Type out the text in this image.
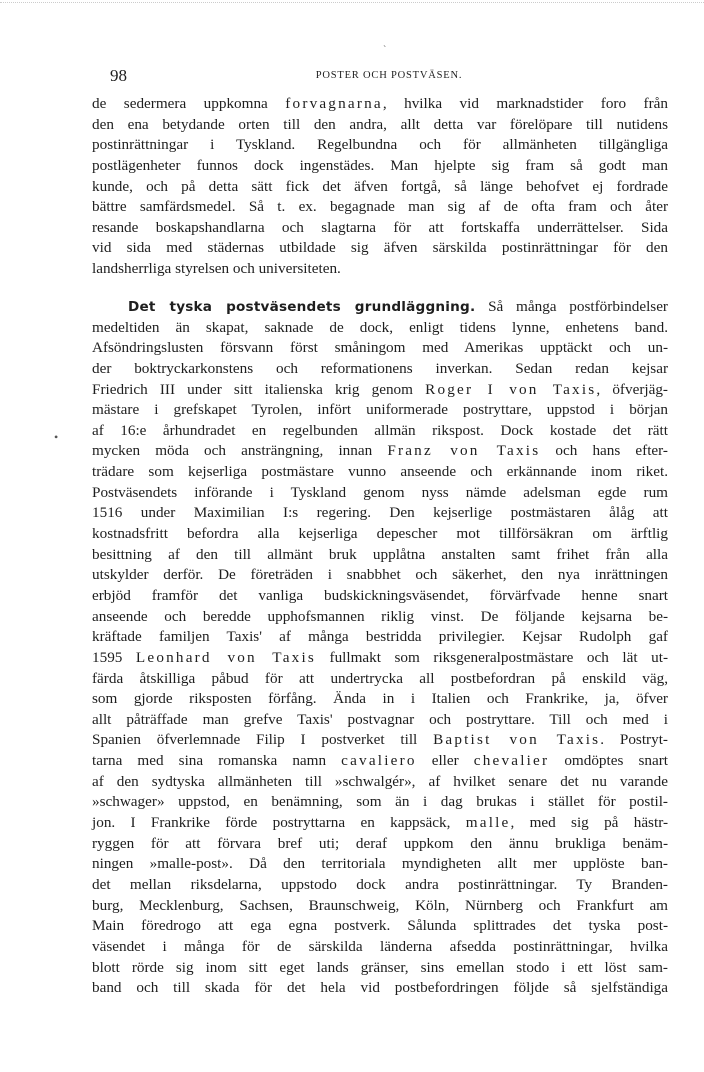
˴
•
98	POSTER OCH POSTVÄSEN.
de sedermera uppkomna forvagnarna, hvilka vid marknadstider foro från
den ena betydande orten till den andra, allt detta var förelöpare till nutidens
postinrättningar i Tyskland. Regelbundna och för allmänheten tillgängliga
postlägenheter funnos dock ingenstädes. Man hjelpte sig fram så godt man
kunde, och på detta sätt fick det äfven fortgå, så länge behofvet ej fordrade
bättre samfärdsmedel. Så t. ex. begagnade man sig af de ofta fram och åter
resande boskapshandlarna och slagtarna för att fortskaffa underrättelser. Sida
vid sida med städernas utbildade sig äfven särskilda postinrättningar för den
landsherrliga styrelsen och universiteten.
Det tyska postväsendets grundläggning. Så många postförbindelser
medeltiden än skapat, saknade de dock, enligt tidens lynne, enhetens band.
Afsöndringslusten försvann först småningom med Amerikas upptäckt och un-
der boktryckarkonstens och reformationens inverkan. Sedan redan kejsar
Friedrich III under sitt italienska krig genom Roger I von Taxis, öfverjäg-
mästare i grefskapet Tyrolen, infört uniformerade postryttare, uppstod i början
af 16:e århundradet en regelbunden allmän rikspost. Dock kostade det rätt
mycken möda och ansträngning, innan Franz von Taxis och hans efter-
trädare som kejserliga postmästare vunno anseende och erkännande inom riket.
Postväsendets införande i Tyskland genom nyss nämde adelsman egde rum
1516 under Maximilian I:s regering. Den kejserlige postmästaren ålåg att
kostnadsfritt befordra alla kejserliga depescher mot tillförsäkran om ärftlig
besittning af den till allmänt bruk upplåtna anstalten samt frihet från alla
utskylder derför. De företräden i snabbhet och säkerhet, den nya inrättningen
erbjöd framför det vanliga budskickningsväsendet, förvärfvade henne snart
anseende och beredde upphofsmannen riklig vinst. De följande kejsarna be-
kräftade familjen Taxis' af många bestridda privilegier. Kejsar Rudolph gaf
1595 Leonhard von Taxis fullmakt som riksgeneralpostmästare och lät ut-
färda åtskilliga påbud för att undertrycka all postbefordran på enskild väg,
som gjorde riksposten förfång. Ända in i Italien och Frankrike, ja, öfver
allt påträffade man grefve Taxis' postvagnar och postryttare. Till och med i
Spanien öfverlemnade Filip I postverket till Baptist von Taxis. Postryt-
tarna med sina romanska namn cavaliero eller chevalier omdöptes snart
af den sydtyska allmänheten till »schwalgér», af hvilket senare det nu varande
»schwager» uppstod, en benämning, som än i dag brukas i stället för postil-
jon. I Frankrike förde postryttarna en kappsäck, malle, med sig på hästr-
ryggen för att förvara bref uti; deraf uppkom den ännu brukliga benäm-
ningen »malle-post». Då den territoriala myndigheten allt mer upplöste ban-
det mellan riksdelarna, uppstodo dock andra postinrättningar. Ty Branden-
burg, Mecklenburg, Sachsen, Braunschweig, Köln, Nürnberg och Frankfurt am
Main föredrogo att ega egna postverk. Sålunda splittrades det tyska post-
väsendet i många för de särskilda länderna afsedda postinrättningar, hvilka
blott rörde sig inom sitt eget lands gränser, sins emellan stodo i ett löst sam-
band och till skada för det hela vid postbefordringen följde så sjelfständiga
